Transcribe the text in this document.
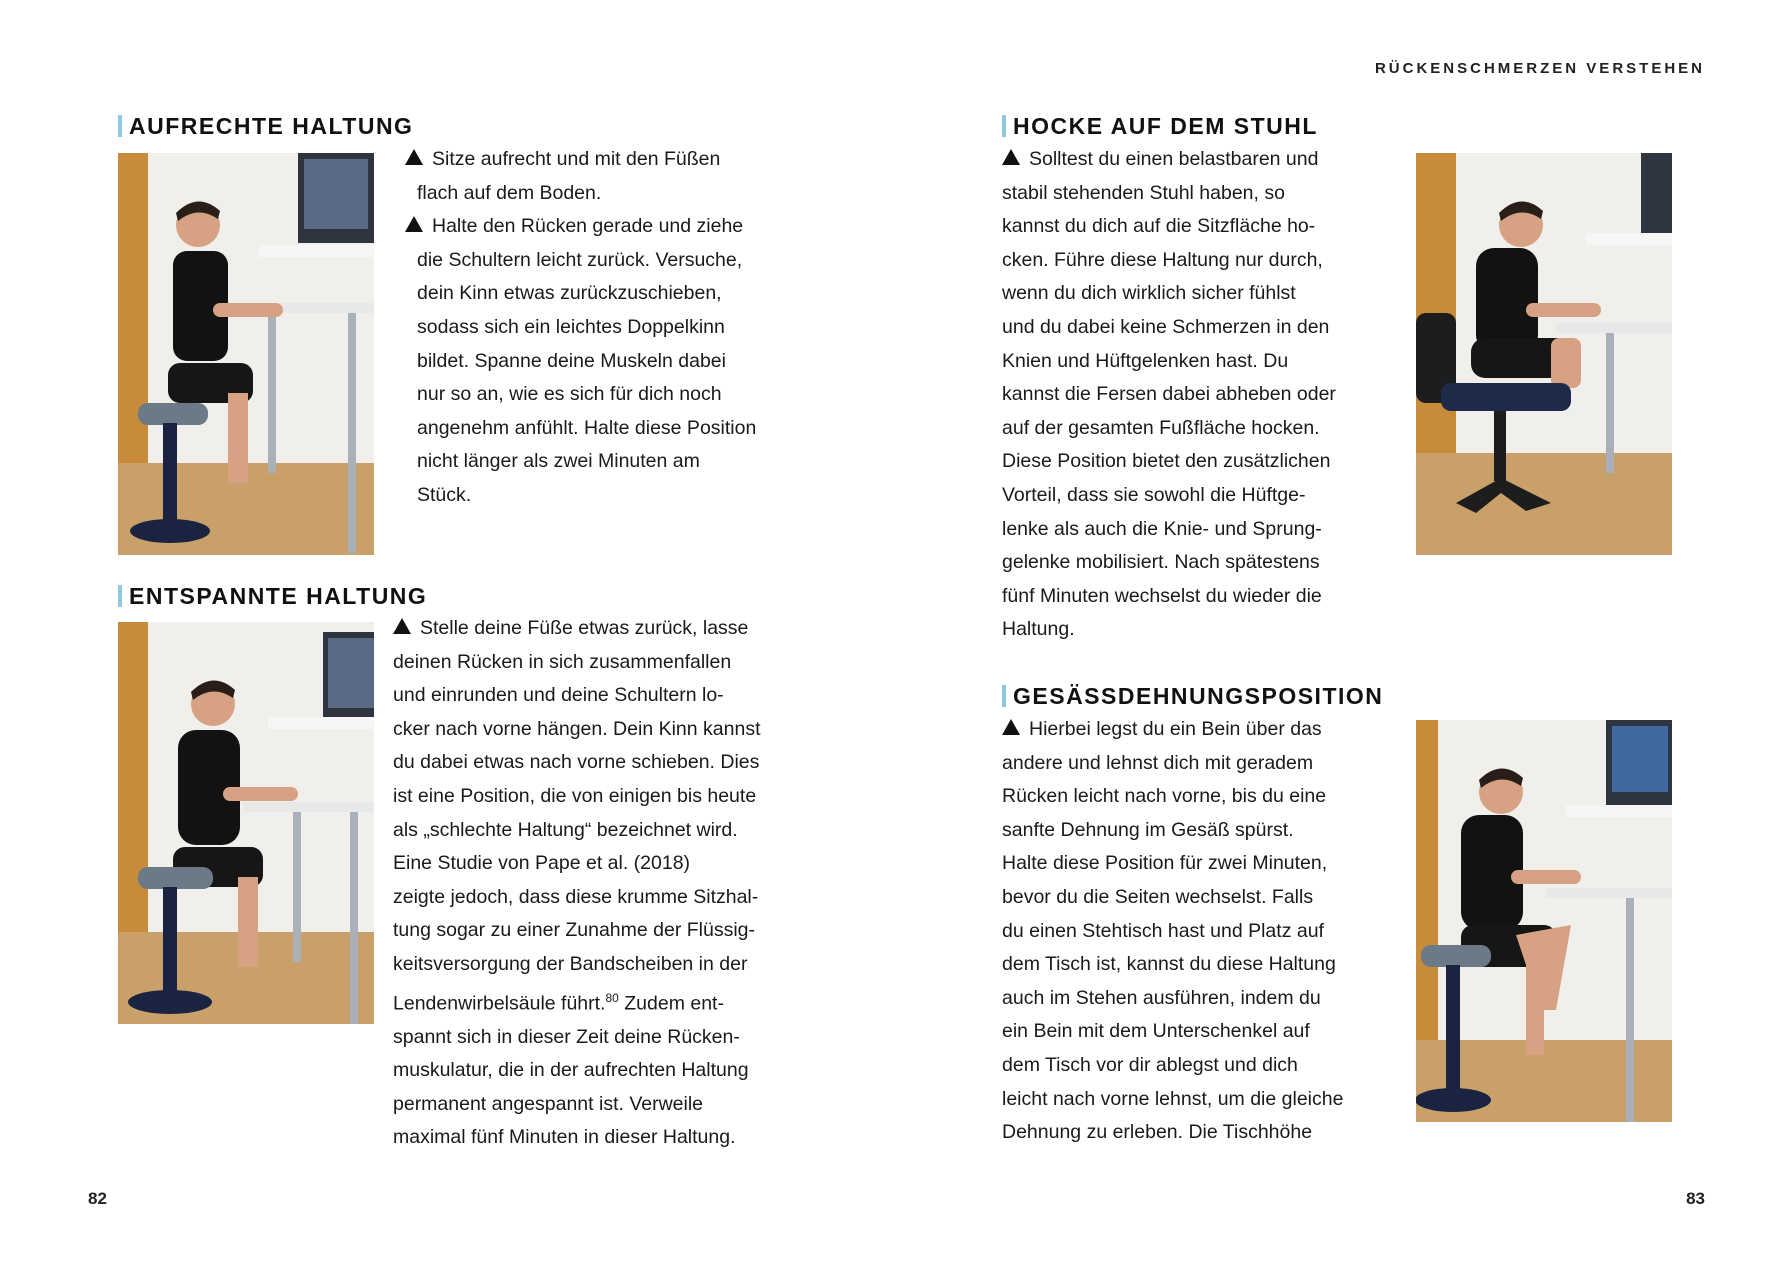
RÜCKENSCHMERZEN VERSTEHEN
82	83
AUFRECHTE HALTUNG
Sitze aufrecht und mit den Füßen
flach auf dem Boden.
Halte den Rücken gerade und ziehe
die Schultern leicht zurück. Versuche,
dein Kinn etwas zurückzuschieben,
sodass sich ein leichtes Doppelkinn
bildet. Spanne deine Muskeln dabei
nur so an, wie es sich für dich noch
angenehm anfühlt. Halte diese Position
nicht länger als zwei Minuten am
Stück.
ENTSPANNTE HALTUNG
Stelle deine Füße etwas zurück, lasse
deinen Rücken in sich zusammenfallen
und einrunden und deine Schultern lo-
cker nach vorne hängen. Dein Kinn kannst
du dabei etwas nach vorne schieben. Dies
ist eine Position, die von einigen bis heute
als „schlechte Haltung“ bezeichnet wird.
Eine Studie von Pape et al. (2018)
zeigte jedoch, dass diese krumme Sitzhal-
tung sogar zu einer Zunahme der Flüssig-
keitsversorgung der Bandscheiben in der
Lendenwirbelsäule führt.$^{80}$ Zudem ent-
spannt sich in dieser Zeit deine Rücken-
muskulatur, die in der aufrechten Haltung
permanent angespannt ist. Verweile
maximal fünf Minuten in dieser Haltung.
HOCKE AUF DEM STUHL
Solltest du einen belastbaren und
stabil stehenden Stuhl haben, so
kannst du dich auf die Sitzfläche ho-
cken. Führe diese Haltung nur durch,
wenn du dich wirklich sicher fühlst
und du dabei keine Schmerzen in den
Knien und Hüftgelenken hast. Du
kannst die Fersen dabei abheben oder
auf der gesamten Fußfläche hocken.
Diese Position bietet den zusätzlichen
Vorteil, dass sie sowohl die Hüftge-
lenke als auch die Knie- und Sprung-
gelenke mobilisiert. Nach spätestens
fünf Minuten wechselst du wieder die
Haltung.
GESÄSSDEHNUNGSPOSITION
Hierbei legst du ein Bein über das
andere und lehnst dich mit geradem
Rücken leicht nach vorne, bis du eine
sanfte Dehnung im Gesäß spürst.
Halte diese Position für zwei Minuten,
bevor du die Seiten wechselst. Falls
du einen Stehtisch hast und Platz auf
dem Tisch ist, kannst du diese Haltung
auch im Stehen ausführen, indem du
ein Bein mit dem Unterschenkel auf
dem Tisch vor dir ablegst und dich
leicht nach vorne lehnst, um die gleiche
Dehnung zu erleben. Die Tischhöhe
